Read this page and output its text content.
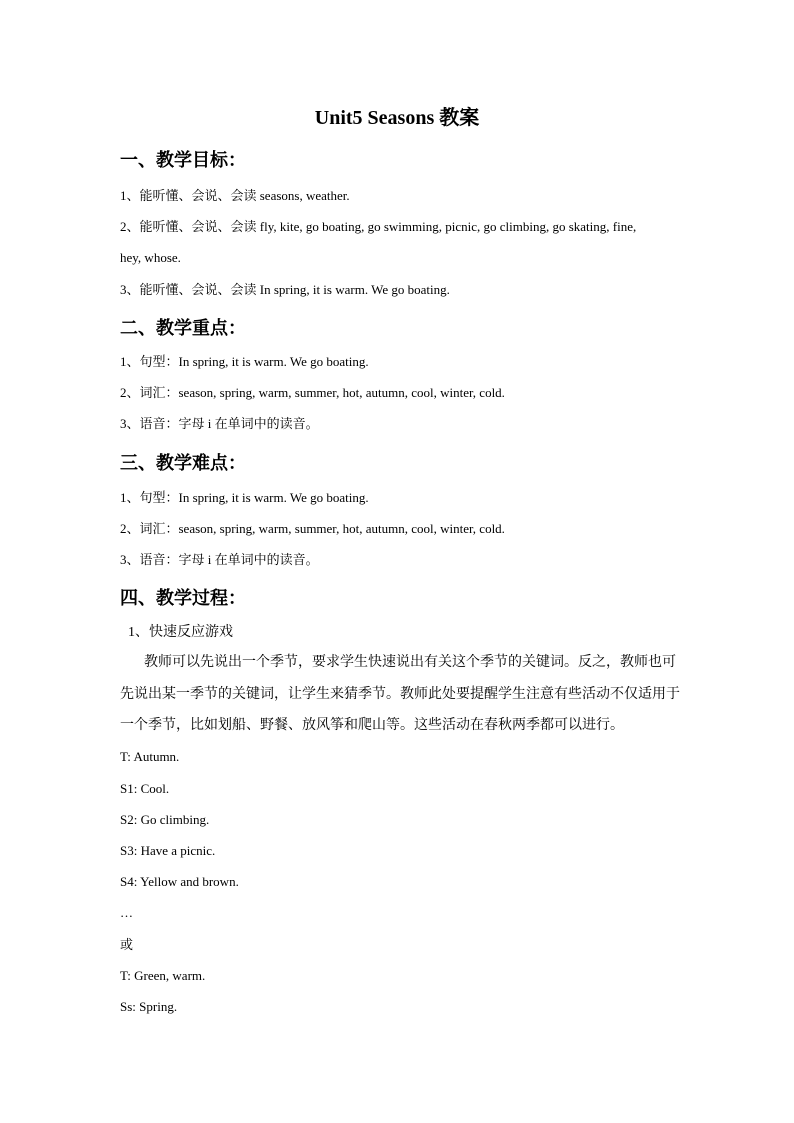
Unit5 Seasons 教案
一、教学目标：
1、能听懂、会说、会读 seasons, weather.
2、能听懂、会说、会读 fly, kite, go boating, go swimming, picnic, go climbing, go skating, fine,
hey, whose.
3、能听懂、会说、会读 In spring, it is warm. We go boating.
二、教学重点：
1、句型：In spring, it is warm. We go boating.
2、词汇：season, spring, warm, summer, hot, autumn, cool, winter, cold.
3、语音：字母 i 在单词中的读音。
三、教学难点：
1、句型：In spring, it is warm. We go boating.
2、词汇：season, spring, warm, summer, hot, autumn, cool, winter, cold.
3、语音：字母 i 在单词中的读音。
四、教学过程：
1、快速反应游戏
教师可以先说出一个季节，要求学生快速说出有关这个季节的关键词。反之，教师也可先说出某一季节的关键词，让学生来猜季节。教师此处要提醒学生注意有些活动不仅适用于一个季节，比如划船、野餐、放风筝和爬山等。这些活动在春秋两季都可以进行。
T: Autumn.
S1: Cool.
S2: Go climbing.
S3: Have a picnic.
S4: Yellow and brown.
…
或
T: Green, warm.
Ss: Spring.
